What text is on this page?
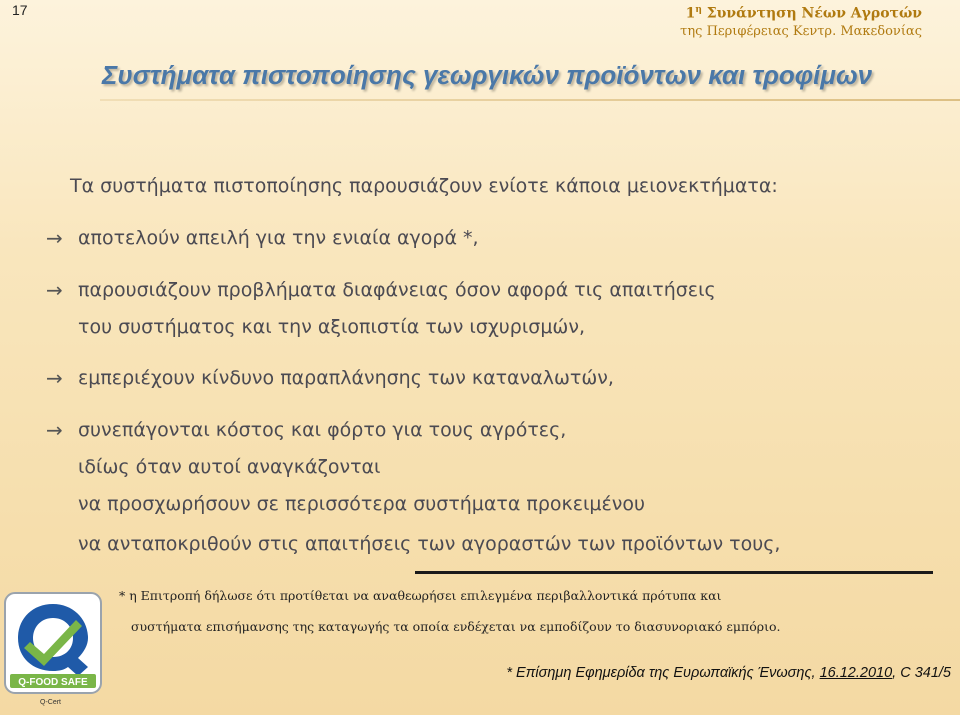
17	$1^\eta$ Συνάντηση Νέων Αγροτών
της Περιφέρειας Κεντρ. Μακεδονίας
Συστήματα πιστοποίησης γεωργικών προϊόντων και τροφίμων
Τα συστήματα πιστοποίησης παρουσιάζουν ενίοτε κάποια μειονεκτήματα:
→ αποτελούν απειλή για την ενιαία αγορά *,
→ παρουσιάζουν προβλήματα διαφάνειας όσον αφορά τις απαιτήσεις
του συστήματος και την αξιοπιστία των ισχυρισμών,
→ εμπεριέχουν κίνδυνο παραπλάνησης των καταναλωτών,
→ συνεπάγονται κόστος και φόρτο για τους αγρότες,
ιδίως όταν αυτοί αναγκάζονται
να προσχωρήσουν σε περισσότερα συστήματα προκειμένου
να ανταποκριθούν στις απαιτήσεις των αγοραστών των προϊόντων τους,
* η Επιτροπή δήλωσε ότι προτίθεται να αναθεωρήσει επιλεγμένα περιβαλλοντικά πρότυπα και
συστήματα επισήμανσης της καταγωγής τα οποία ενδέχεται να εμποδίζουν το διασυνοριακό εμπόριο.
* Επίσημη Εφημερίδα της Ευρωπαϊκής Ένωσης, 16.12.2010, C 341/5
Q-FOOD SAFE
Q-Cert
